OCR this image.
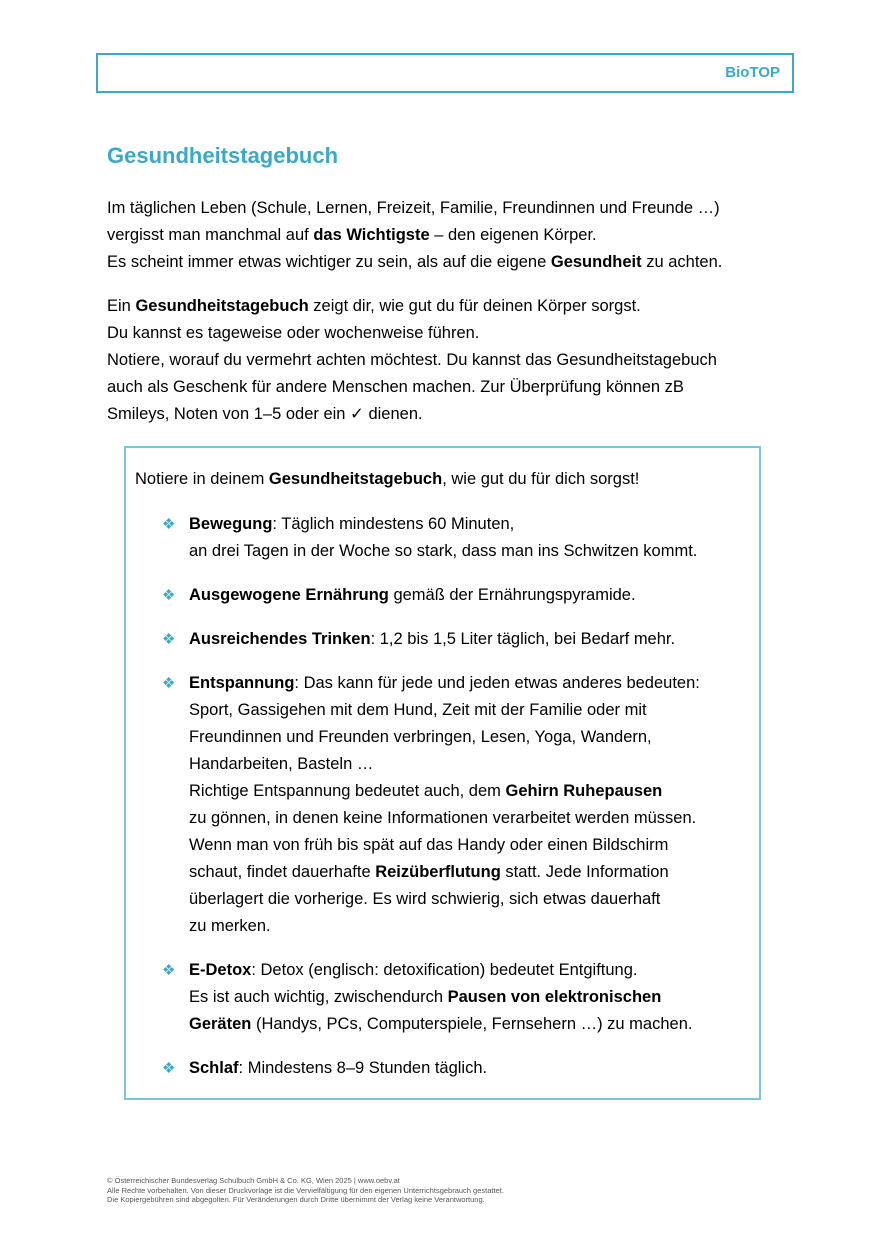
BioTOP
Gesundheitstagebuch

Im täglichen Leben (Schule, Lernen, Freizeit, Familie, Freundinnen und Freunde …)
vergisst man manchmal auf das Wichtigste – den eigenen Körper.
Es scheint immer etwas wichtiger zu sein, als auf die eigene Gesundheit zu achten.

Ein Gesundheitstagebuch zeigt dir, wie gut du für deinen Körper sorgst.
Du kannst es tageweise oder wochenweise führen.
Notiere, worauf du vermehrt achten möchtest. Du kannst das Gesundheitstagebuch
auch als Geschenk für andere Menschen machen. Zur Überprüfung können zB
Smileys, Noten von 1–5 oder ein ✓ dienen.

Notiere in deinem Gesundheitstagebuch, wie gut du für dich sorgst!

❖ Bewegung: Täglich mindestens 60 Minuten,
an drei Tagen in der Woche so stark, dass man ins Schwitzen kommt.
❖ Ausgewogene Ernährung gemäß der Ernährungspyramide.
❖ Ausreichendes Trinken: 1,2 bis 1,5 Liter täglich, bei Bedarf mehr.
❖ Entspannung: Das kann für jede und jeden etwas anderes bedeuten:
Sport, Gassigehen mit dem Hund, Zeit mit der Familie oder mit
Freundinnen und Freunden verbringen, Lesen, Yoga, Wandern,
Handarbeiten, Basteln …
Richtige Entspannung bedeutet auch, dem Gehirn Ruhepausen
zu gönnen, in denen keine Informationen verarbeitet werden müssen.
Wenn man von früh bis spät auf das Handy oder einen Bildschirm
schaut, findet dauerhafte Reizüberflutung statt. Jede Information
überlagert die vorherige. Es wird schwierig, sich etwas dauerhaft
zu merken.
❖ E-Detox: Detox (englisch: detoxification) bedeutet Entgiftung.
Es ist auch wichtig, zwischendurch Pausen von elektronischen
Geräten (Handys, PCs, Computerspiele, Fernsehern …) zu machen.
❖ Schlaf: Mindestens 8–9 Stunden täglich.
© Österreichischer Bundesverlag Schulbuch GmbH & Co. KG, Wien 2025 | www.oebv.at
Alle Rechte vorbehalten. Von dieser Druckvorlage ist die Vervielfältigung für den eigenen Unterrichtsgebrauch gestattet.
Die Kopiergebühren sind abgegolten. Für Veränderungen durch Dritte übernimmt der Verlag keine Verantwortung.
